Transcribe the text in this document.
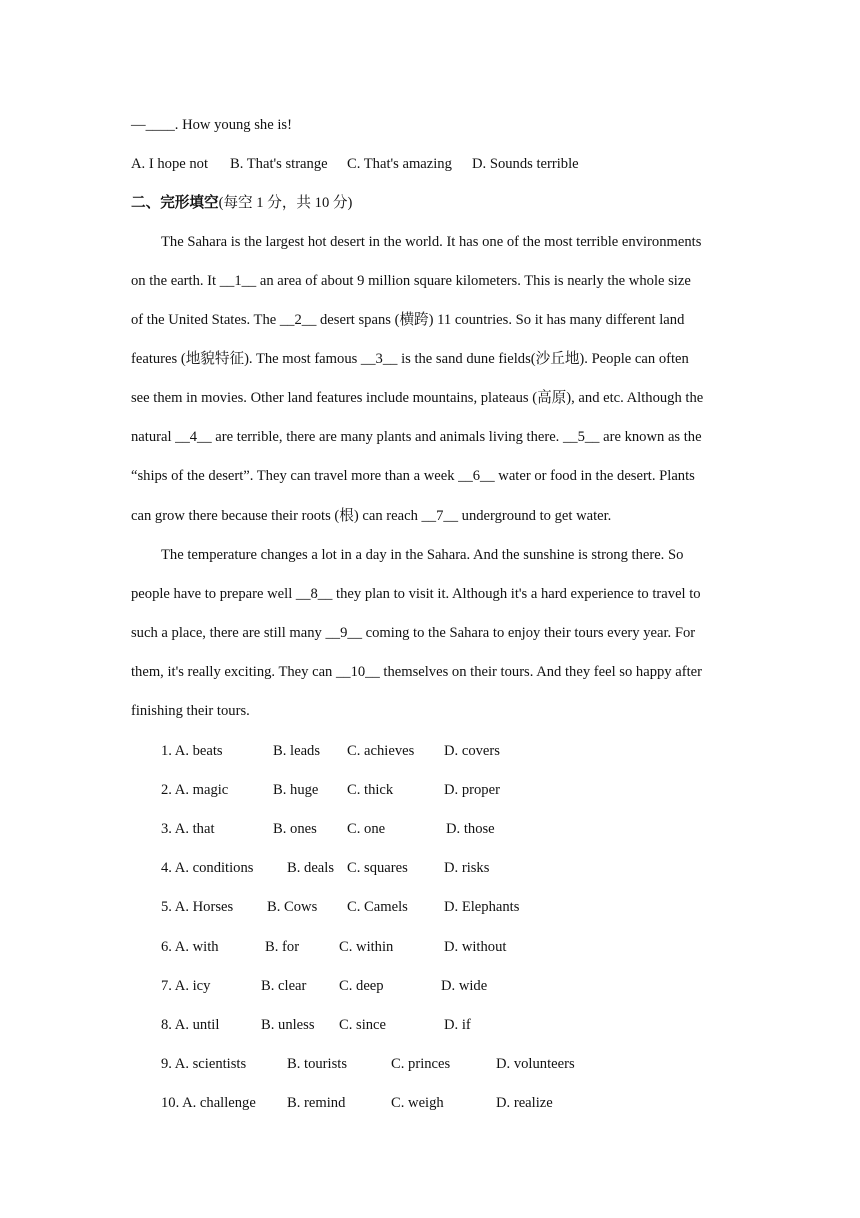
—____. How young she is!
A. I hope not B. That's strange C. That's amazing D. Sounds terrible
二、完形填空(每空 1 分，共 10 分)
The Sahara is the largest hot desert in the world. It has one of the most terrible environments
on the earth. It __1__ an area of about 9 million square kilometers. This is nearly the whole size
of the United States. The __2__ desert spans (横跨) 11 countries. So it has many different land
features (地貌特征). The most famous __3__ is the sand dune fields(沙丘地). People can often
see them in movies. Other land features include mountains, plateaus (高原), and etc. Although the
natural __4__ are terrible, there are many plants and animals living there. __5__ are known as the
“ships of the desert”. They can travel more than a week __6__ water or food in the desert. Plants
can grow there because their roots (根) can reach __7__ underground to get water.
The temperature changes a lot in a day in the Sahara. And the sunshine is strong there. So
people have to prepare well __8__ they plan to visit it. Although it's a hard experience to travel to
such a place, there are still many __9__ coming to the Sahara to enjoy their tours every year. For
them, it's really exciting. They can __10__ themselves on their tours. And they feel so happy after
finishing their tours.
1. A. beats	B. leads C. achieves D. covers
2. A. magic	B. huge C. thick	D. proper
3. A. that	B. ones C. one	D. those
4. A. conditions B. deals C. squares D. risks
5. A. Horses B. Cows C. Camels D. Elephants
6. A. with	B. for	C. within	D. without
7. A. icy	B. clear C. deep	D. wide
8. A. until	B. unless C. since	D. if
9. A. scientists	B. tourists	C. princes	D. volunteers
10. A. challenge B. remind	C. weigh	D. realize
